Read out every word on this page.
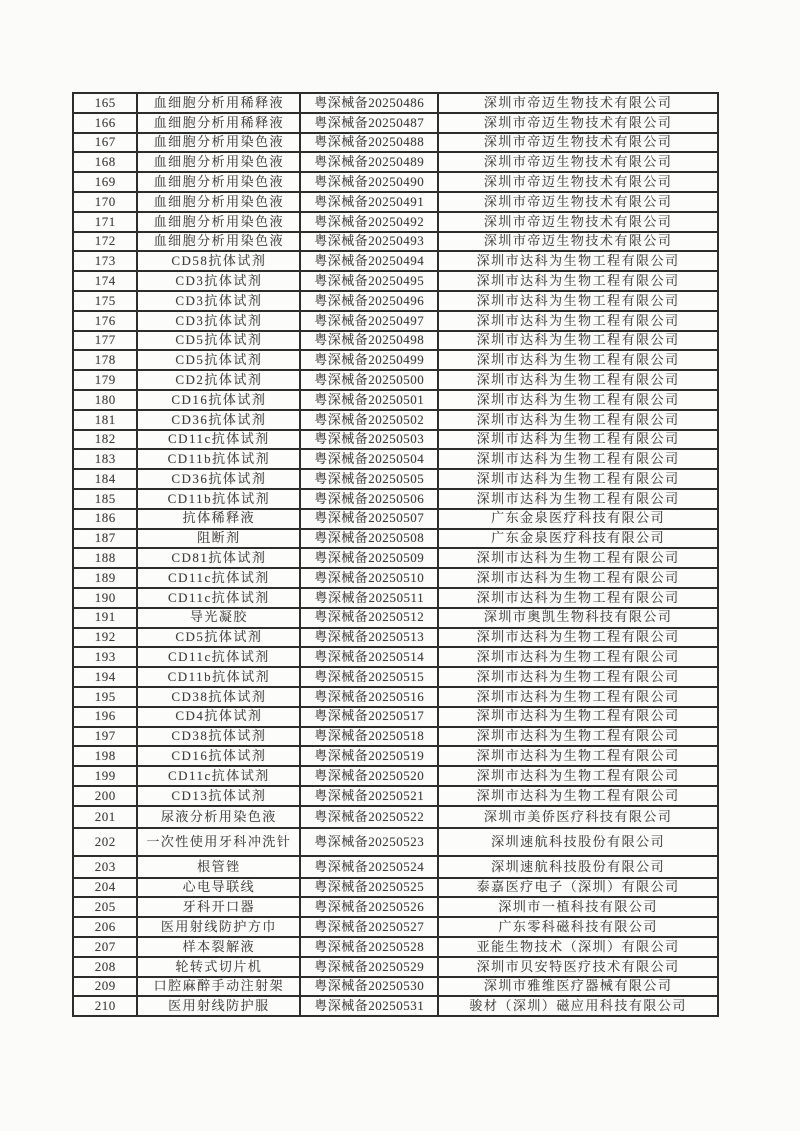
165	血细胞分析用稀释液	粤深械备20250486	深圳市帝迈生物技术有限公司
166	血细胞分析用稀释液	粤深械备20250487	深圳市帝迈生物技术有限公司
167	血细胞分析用染色液	粤深械备20250488	深圳市帝迈生物技术有限公司
168	血细胞分析用染色液	粤深械备20250489	深圳市帝迈生物技术有限公司
169	血细胞分析用染色液	粤深械备20250490	深圳市帝迈生物技术有限公司
170	血细胞分析用染色液	粤深械备20250491	深圳市帝迈生物技术有限公司
171	血细胞分析用染色液	粤深械备20250492	深圳市帝迈生物技术有限公司
172	血细胞分析用染色液	粤深械备20250493	深圳市帝迈生物技术有限公司
173	CD58抗体试剂	粤深械备20250494	深圳市达科为生物工程有限公司
174	CD3抗体试剂	粤深械备20250495	深圳市达科为生物工程有限公司
175	CD3抗体试剂	粤深械备20250496	深圳市达科为生物工程有限公司
176	CD3抗体试剂	粤深械备20250497	深圳市达科为生物工程有限公司
177	CD5抗体试剂	粤深械备20250498	深圳市达科为生物工程有限公司
178	CD5抗体试剂	粤深械备20250499	深圳市达科为生物工程有限公司
179	CD2抗体试剂	粤深械备20250500	深圳市达科为生物工程有限公司
180	CD16抗体试剂	粤深械备20250501	深圳市达科为生物工程有限公司
181	CD36抗体试剂	粤深械备20250502	深圳市达科为生物工程有限公司
182	CD11c抗体试剂	粤深械备20250503	深圳市达科为生物工程有限公司
183	CD11b抗体试剂	粤深械备20250504	深圳市达科为生物工程有限公司
184	CD36抗体试剂	粤深械备20250505	深圳市达科为生物工程有限公司
185	CD11b抗体试剂	粤深械备20250506	深圳市达科为生物工程有限公司
186	抗体稀释液	粤深械备20250507	广东金泉医疗科技有限公司
187	阻断剂	粤深械备20250508	广东金泉医疗科技有限公司
188	CD81抗体试剂	粤深械备20250509	深圳市达科为生物工程有限公司
189	CD11c抗体试剂	粤深械备20250510	深圳市达科为生物工程有限公司
190	CD11c抗体试剂	粤深械备20250511	深圳市达科为生物工程有限公司
191	导光凝胶	粤深械备20250512	深圳市奥凯生物科技有限公司
192	CD5抗体试剂	粤深械备20250513	深圳市达科为生物工程有限公司
193	CD11c抗体试剂	粤深械备20250514	深圳市达科为生物工程有限公司
194	CD11b抗体试剂	粤深械备20250515	深圳市达科为生物工程有限公司
195	CD38抗体试剂	粤深械备20250516	深圳市达科为生物工程有限公司
196	CD4抗体试剂	粤深械备20250517	深圳市达科为生物工程有限公司
197	CD38抗体试剂	粤深械备20250518	深圳市达科为生物工程有限公司
198	CD16抗体试剂	粤深械备20250519	深圳市达科为生物工程有限公司
199	CD11c抗体试剂	粤深械备20250520	深圳市达科为生物工程有限公司
200	CD13抗体试剂	粤深械备20250521	深圳市达科为生物工程有限公司
201	尿液分析用染色液	粤深械备20250522	深圳市美侨医疗科技有限公司
202	一次性使用牙科冲洗针	粤深械备20250523	深圳速航科技股份有限公司
203	根管锉	粤深械备20250524	深圳速航科技股份有限公司
204	心电导联线	粤深械备20250525	泰嘉医疗电子（深圳）有限公司
205	牙科开口器	粤深械备20250526	深圳市一植科技有限公司
206	医用射线防护方巾	粤深械备20250527	广东零科磁科技有限公司
207	样本裂解液	粤深械备20250528	亚能生物技术（深圳）有限公司
208	轮转式切片机	粤深械备20250529	深圳市贝安特医疗技术有限公司
209	口腔麻醉手动注射架	粤深械备20250530	深圳市雅维医疗器械有限公司
210	医用射线防护服	粤深械备20250531	骏材（深圳）磁应用科技有限公司
